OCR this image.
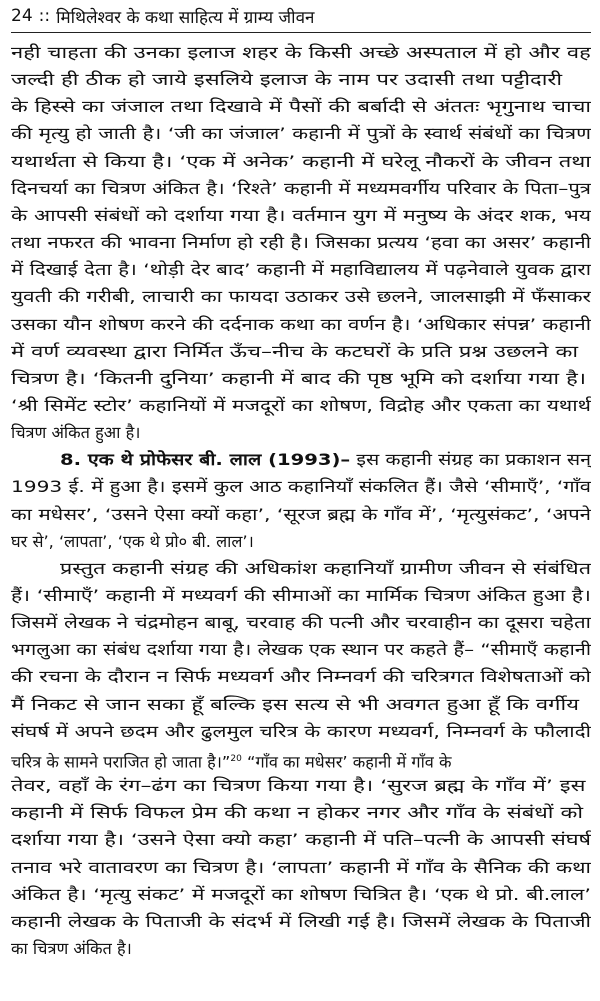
24 :: मिथिलेश्वर के कथा साहित्य में ग्राम्य जीवन
नही चाहता की उनका इलाज शहर के किसी अच्छे अस्पताल में हो और वह
जल्दी ही ठीक हो जाये इसलिये इलाज के नाम पर उदासी तथा पट्टीदारी
के हिस्से का जंजाल तथा दिखावे में पैसों की बर्बादी से अंततः भृगुनाथ चाचा
की मृत्यु हो जाती है। ‘जी का जंजाल’ कहानी में पुत्रों के स्वार्थ संबंधों का चित्रण
यथार्थता से किया है। ‘एक में अनेक’ कहानी में घरेलू नौकरों के जीवन तथा
दिनचर्या का चित्रण अंकित है। ‘रिश्ते’ कहानी में मध्यमवर्गीय परिवार के पिता–पुत्र
के आपसी संबंधों को दर्शाया गया है। वर्तमान युग में मनुष्य के अंदर शक, भय
तथा नफरत की भावना निर्माण हो रही है। जिसका प्रत्यय ‘हवा का असर’ कहानी
में दिखाई देता है। ‘थोड़ी देर बाद’ कहानी में महाविद्यालय में पढ़नेवाले युवक द्वारा
युवती की गरीबी, लाचारी का फायदा उठाकर उसे छलने, जालसाझी में फँसाकर
उसका यौन शोषण करने की दर्दनाक कथा का वर्णन है। ‘अधिकार संपन्न’ कहानी
में वर्ण व्यवस्था द्वारा निर्मित ऊँच–नीच के कटघरों के प्रति प्रश्न उछलने का
चित्रण है। ‘कितनी दुनिया’ कहानी में बाद की पृष्ठ भूमि को दर्शाया गया है।
‘श्री सिमेंट स्टोर’ कहानियों में मजदूरों का शोषण, विद्रोह और एकता का यथार्थ
चित्रण अंकित हुआ है।
8. एक थे प्रोफेसर बी. लाल (1993)– इस कहानी संग्रह का प्रकाशन सन्
1993 ई. में हुआ है। इसमें कुल आठ कहानियाँ संकलित हैं। जैसे ‘सीमाएँ’, ‘गाँव
का मधेसर’, ‘उसने ऐसा क्यों कहा’, ‘सूरज ब्रह्म के गाँव में’, ‘मृत्युसंकट’, ‘अपने
घर से’, ‘लापता’, ‘एक थे प्रो० बी. लाल’।
प्रस्तुत कहानी संग्रह की अधिकांश कहानियाँ ग्रामीण जीवन से संबंधित
हैं। ‘सीमाएँ’ कहानी में मध्यवर्ग की सीमाओं का मार्मिक चित्रण अंकित हुआ है।
जिसमें लेखक ने चंद्रमोहन बाबू, चरवाह की पत्नी और चरवाहीन का दूसरा चहेता
भगलुआ का संबंध दर्शाया गया है। लेखक एक स्थान पर कहते हैं– “सीमाएँ कहानी
की रचना के दौरान न सिर्फ मध्यवर्ग और निम्नवर्ग की चरित्रगत विशेषताओं को
मैं निकट से जान सका हूँ बल्कि इस सत्य से भी अवगत हुआ हूँ कि वर्गीय
संघर्ष में अपने छदम और ढुलमुल चरित्र के कारण मध्यवर्ग, निम्नवर्ग के फौलादी
चरित्र के सामने पराजित हो जाता है।”$^{20}$ “गाँव का मधेसर’ कहानी में गाँव के
तेवर, वहाँ के रंग–ढंग का चित्रण किया गया है। ‘सुरज ब्रह्म के गाँव में’ इस
कहानी में सिर्फ विफल प्रेम की कथा न होकर नगर और गाँव के संबंधों को
दर्शाया गया है। ‘उसने ऐसा क्यो कहा’ कहानी में पति–पत्नी के आपसी संघर्ष
तनाव भरे वातावरण का चित्रण है। ‘लापता’ कहानी में गाँव के सैनिक की कथा
अंकित है। ‘मृत्यु संकट’ में मजदूरों का शोषण चित्रित है। ‘एक थे प्रो. बी.लाल’
कहानी लेखक के पिताजी के संदर्भ में लिखी गई है। जिसमें लेखक के पिताजी
का चित्रण अंकित है।
